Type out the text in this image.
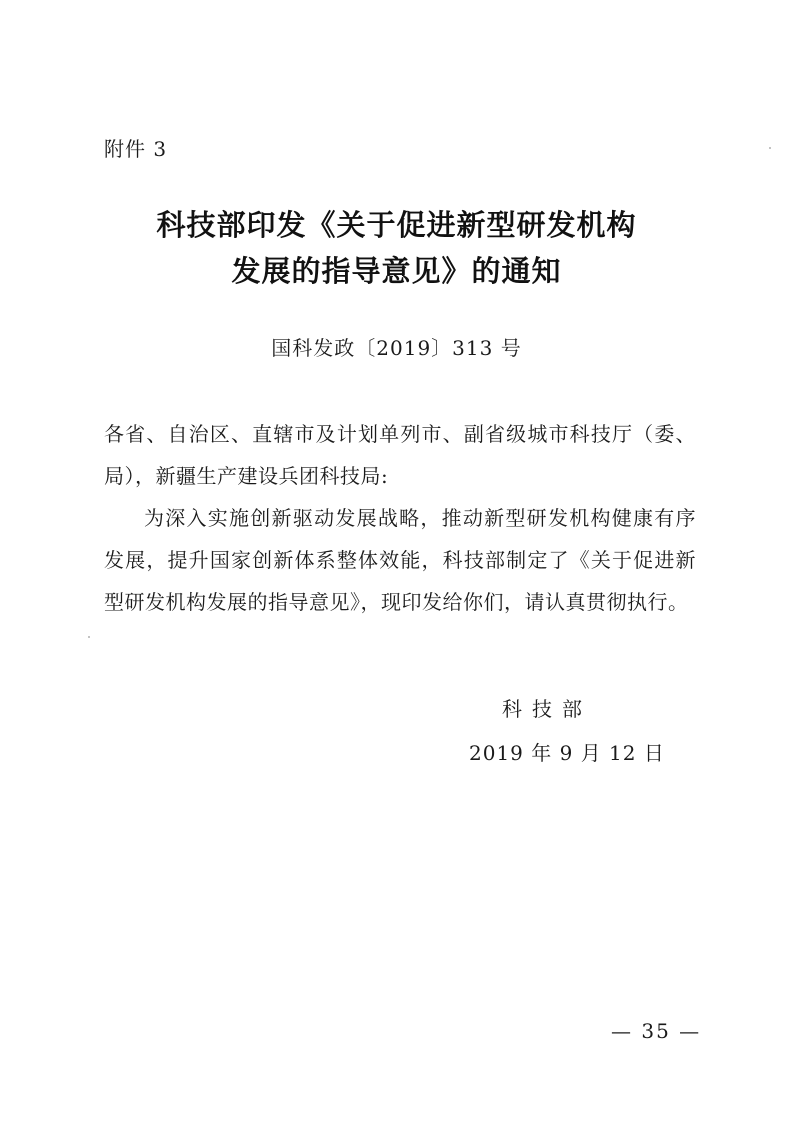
附件 3
科技部印发《关于促进新型研发机构
发展的指导意见》的通知
国科发政〔2019〕313 号
各省、自治区、直辖市及计划单列市、副省级城市科技厅（委、局），新疆生产建设兵团科技局:
为深入实施创新驱动发展战略，推动新型研发机构健康有序发展，提升国家创新体系整体效能，科技部制定了《关于促进新型研发机构发展的指导意见》，现印发给你们，请认真贯彻执行。
科技部
2019 年 9 月 12 日
— 35 —
